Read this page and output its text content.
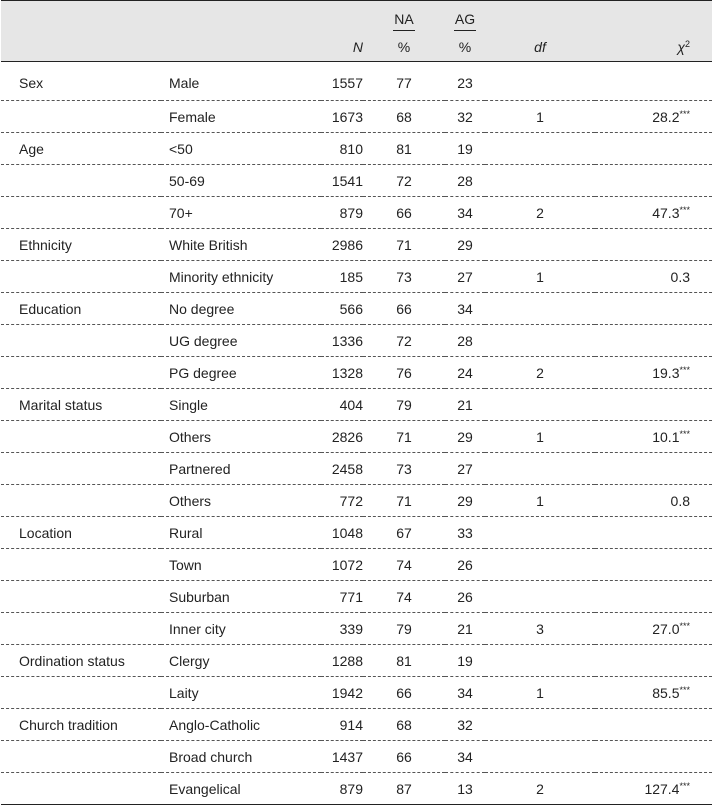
			NA	AG		
		N	%	%	df	$\chi^2$
Sex	Male	1557	77	23		
	Female	1673	68	32	1	28.2***
Age	<50	810	81	19		
	50-69	1541	72	28		
	70+	879	66	34	2	47.3***
Ethnicity	White British	2986	71	29		
	Minority ethnicity	185	73	27	1	0.3
Education	No degree	566	66	34		
	UG degree	1336	72	28		
	PG degree	1328	76	24	2	19.3***
Marital status	Single	404	79	21		
	Others	2826	71	29	1	10.1***
	Partnered	2458	73	27		
	Others	772	71	29	1	0.8
Location	Rural	1048	67	33		
	Town	1072	74	26		
	Suburban	771	74	26		
	Inner city	339	79	21	3	27.0***
Ordination status	Clergy	1288	81	19		
	Laity	1942	66	34	1	85.5***
Church tradition	Anglo-Catholic	914	68	32		
	Broad church	1437	66	34		
	Evangelical	879	87	13	2	127.4***
